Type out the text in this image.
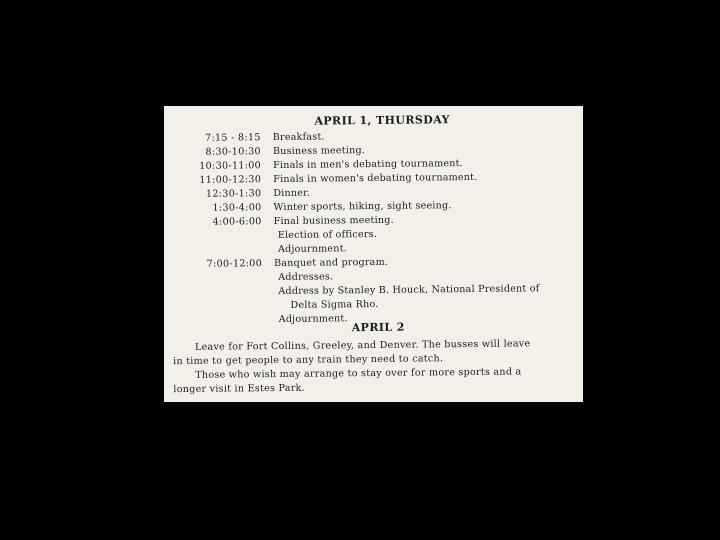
APRIL 1, THURSDAY
7:15 - 8:15 Breakfast.
8:30-10:30 Business meeting.
10:30-11:00 Finals in men's debating tournament.
11:00-12:30 Finals in women's debating tournament.
12:30-1:30 Dinner.
1:30-4:00 Winter sports, hiking, sight seeing.
4:00-6:00 Final business meeting.
Election of officers.
Adjournment.
7:00-12:00 Banquet and program.
Addresses.
Address by Stanley B. Houck, National President of
Delta Sigma Rho.
Adjournment.
APRIL 2
Leave for Fort Collins, Greeley, and Denver. The busses will leave
in time to get people to any train they need to catch.
Those who wish may arrange to stay over for more sports and a
longer visit in Estes Park.
